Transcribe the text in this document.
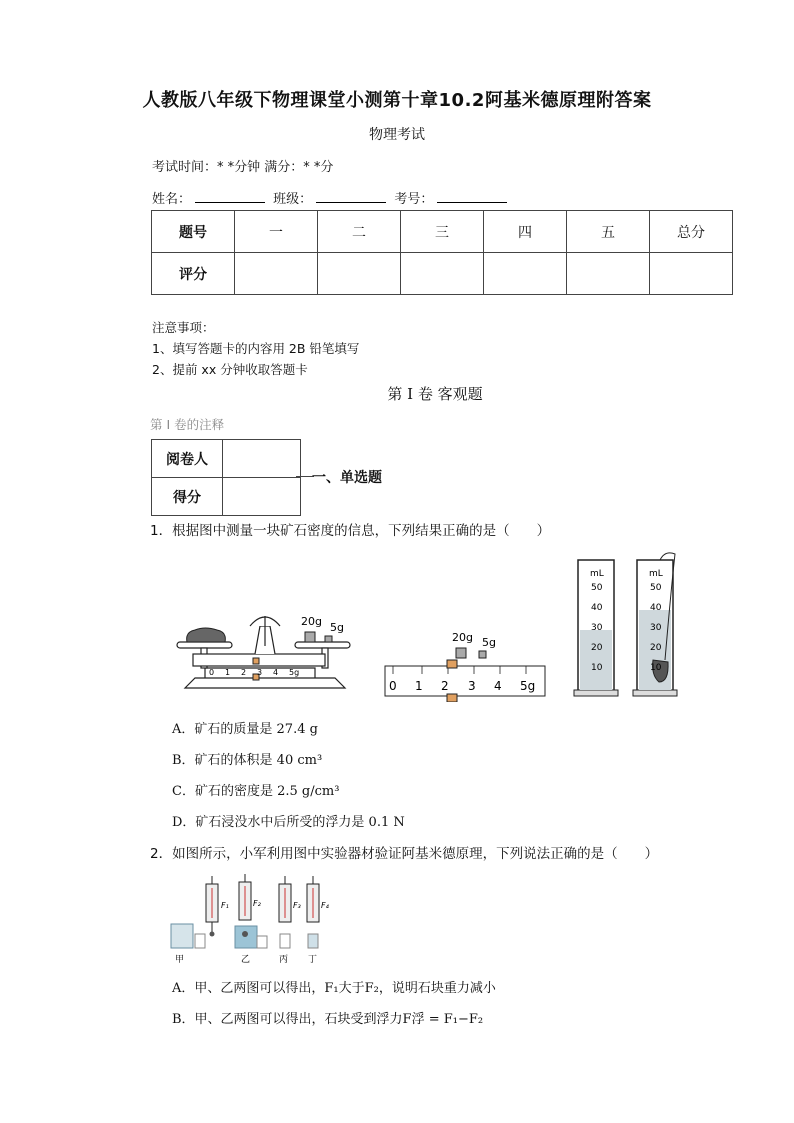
人教版八年级下物理课堂小测第十章10.2阿基米德原理附答案
物理考试
考试时间：* *分钟 满分：* *分
姓名：	班级：	考号：
题号	一	二	三	四	五	总分
评分						
注意事项：
1、填写答题卡的内容用 2B 铅笔填写
2、提前 xx 分钟收取答题卡
第 I 卷 客观题
第 I 卷的注释
阅卷人	
得分	
一、单选题
1．根据图中测量一块矿石密度的信息，下列结果正确的是（　　）
20g 5g
0 1 2 3 4 5g
0 1 2 3 4 5g
20g 5g
mL
50
40
30
20
10
mL
50
40
30
20
10
A．矿石的质量是 27.4 g
B．矿石的体积是 40 cm³
C．矿石的密度是 2.5 g/cm³
D．矿石浸没水中后所受的浮力是 0.1 N
2．如图所示，小军利用图中实验器材验证阿基米德原理，下列说法正确的是（　　）
F₁	F₂	F₃	F₄
甲	乙	丙 丁
A．甲、乙两图可以得出，F₁大于F₂，说明石块重力减小
B．甲、乙两图可以得出，石块受到浮力F浮 = F₁−F₂
